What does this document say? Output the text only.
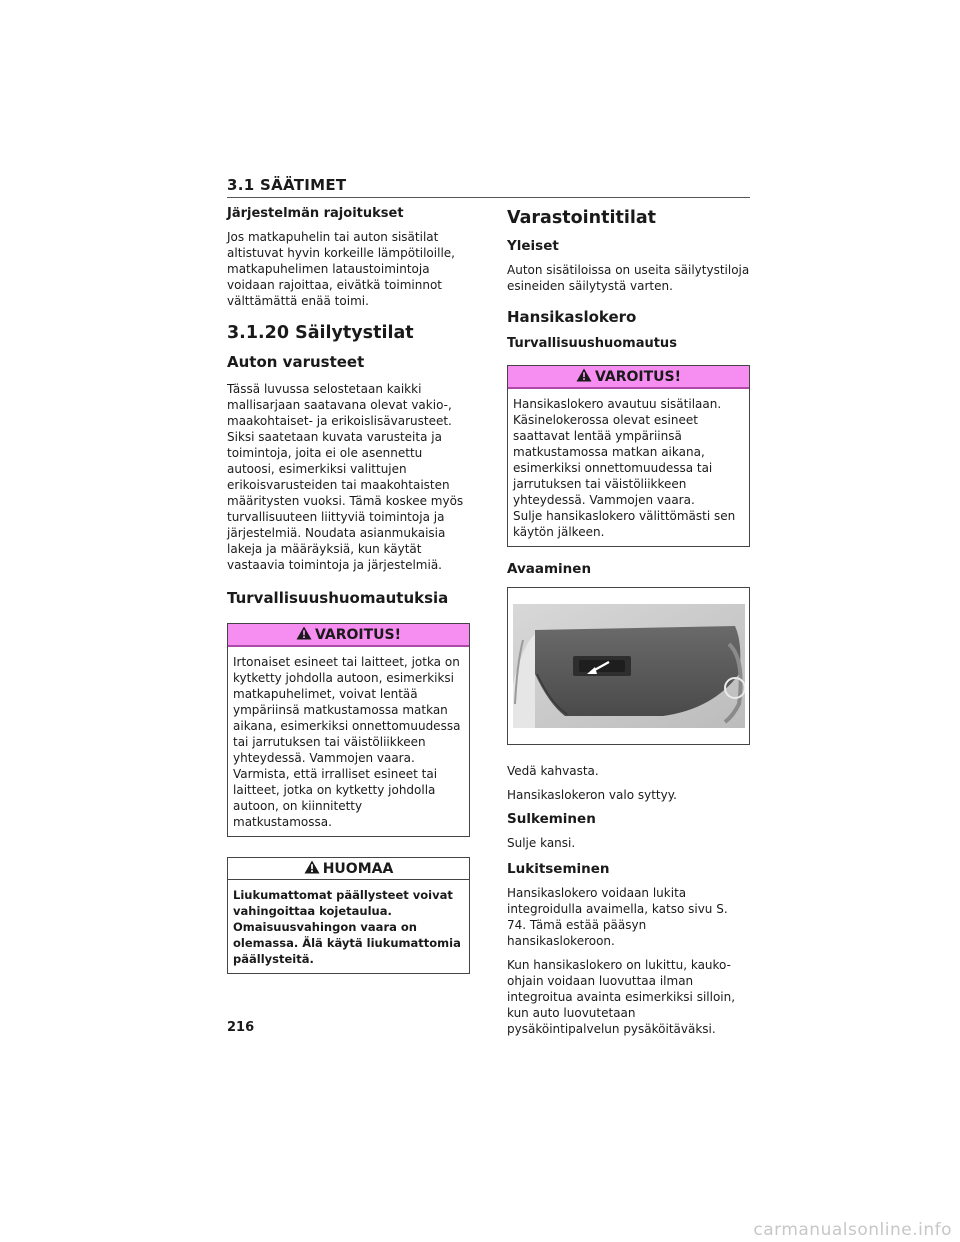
3.1 SÄÄTIMET
Järjestelmän rajoitukset

Jos matkapuhelin tai auton sisätilat altistuvat hyvin korkeille lämpötiloille, matkapuhelimen lataustoimintoja voidaan rajoittaa, eivätkä toiminnot välttämättä enää toimi.

3.1.20 Säilytystilat
Auton varusteet

Tässä luvussa selostetaan kaikki mallisarjaan saatavana olevat vakio-, maakohtaiset- ja erikoislisävarusteet. Siksi saatetaan kuvata varusteita ja toimintoja, joita ei ole asennettu autoosi, esimerkiksi valittujen erikoisvarusteiden tai maakohtaisten määritysten vuoksi. Tämä koskee myös turvallisuuteen liittyviä toimintoja ja järjestelmiä. Noudata asianmukaisia lakeja ja määräyksiä, kun käytät vastaavia toimintoja ja järjestelmiä.

Turvallisuushuomautuksia
VAROITUS!

Irtonaiset esineet tai laitteet, jotka on kytketty johdolla autoon, esimerkiksi matkapuhelimet, voivat lentää ympäriinsä matkustamossa matkan aikana, esimerkiksi onnettomuudessa tai jarrutuksen tai väistöliikkeen yhteydessä. Vammojen vaara. Varmista, että irralliset esineet tai laitteet, jotka on kytketty johdolla autoon, on kiinnitetty matkustamossa.

HUOMAA

Liukumattomat päällysteet voivat vahingoittaa kojetaulua. Omaisuusvahingon vaara on olemassa. Älä käytä liukumattomia päällysteitä.

Varastointitilat
Yleiset

Auton sisätiloissa on useita säilytystiloja esineiden säilytystä varten.

Hansikaslokero
Turvallisuushuomautus
VAROITUS!

Hansikaslokero avautuu sisätilaan. Käsinelokerossa olevat esineet saattavat lentää ympäriinsä matkustamossa matkan aikana, esimerkiksi onnettomuudessa tai jarrutuksen tai väistöliikkeen yhteydessä. Vammojen vaara.

Sulje hansikaslokero välittömästi sen käytön jälkeen.

Avaaminen

Vedä kahvasta.

Hansikaslokeron valo syttyy.

Sulkeminen

Sulje kansi.

Lukitseminen

Hansikaslokero voidaan lukita integroidulla avaimella, katso sivu S. 74. Tämä estää pääsyn hansikaslokeroon.

Kun hansikaslokero on lukittu, kauko-ohjain voidaan luovuttaa ilman integroitua avainta esimerkiksi silloin, kun auto luovutetaan pysäköintipalvelun pysäköitäväksi.

216
carmanualsonline.info
